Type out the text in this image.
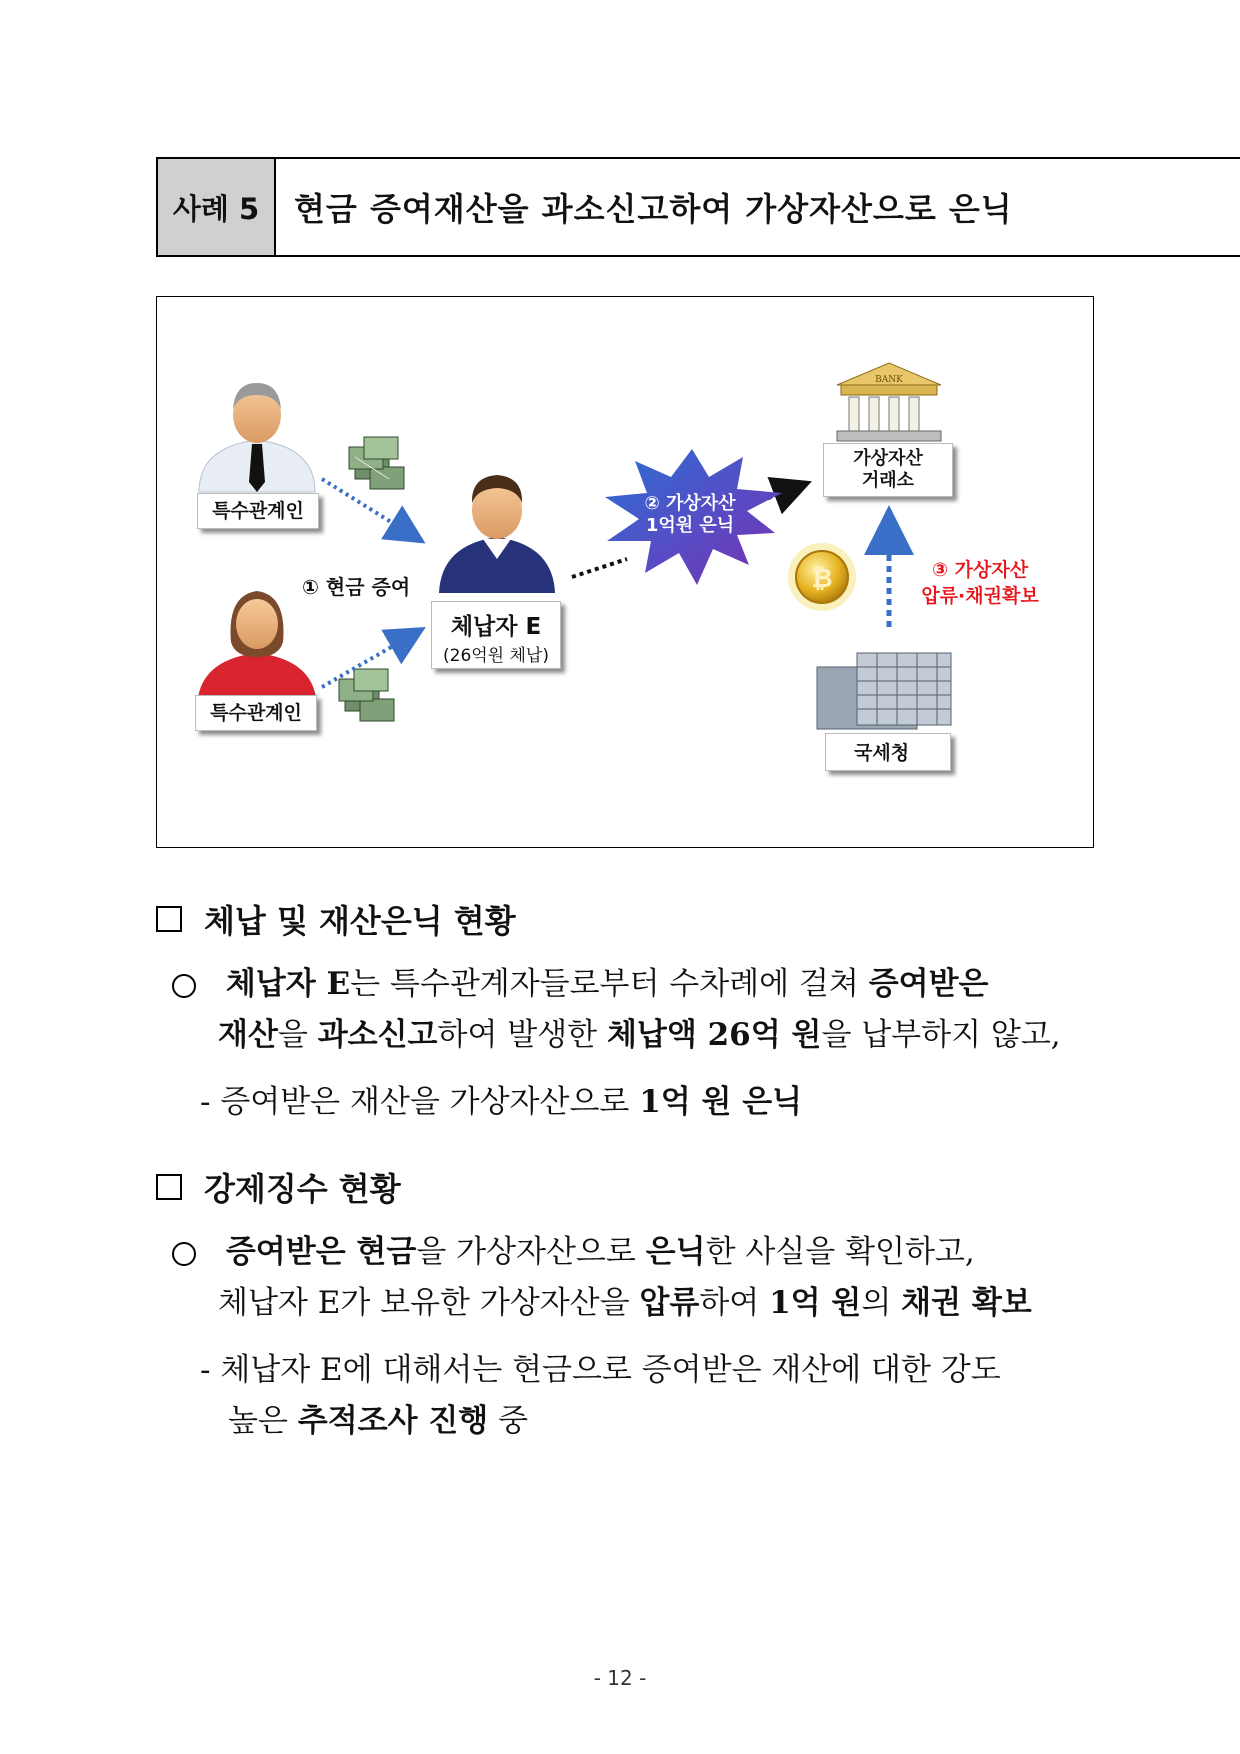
사례 5	현금 증여재산을 과소신고하여 가상자산으로 은닉
₿
BANK
특수관계인
특수관계인
① 현금 증여
체납자 E
(26억원 체납)
② 가상자산
1억원 은닉
가상자산
거래소
③ 가상자산
압류·채권확보
국세청
체납 및 재산은닉 현황
체납자 E는 특수관계자들로부터 수차례에 걸쳐 증여받은
재산을 과소신고하여 발생한 체납액 26억 원을 납부하지 않고,
- 증여받은 재산을 가상자산으로 1억 원 은닉
강제징수 현황
증여받은 현금을 가상자산으로 은닉한 사실을 확인하고,
체납자 E가 보유한 가상자산을 압류하여 1억 원의 채권 확보
- 체납자 E에 대해서는 현금으로 증여받은 재산에 대한 강도
높은 추적조사 진행 중
- 12 -
